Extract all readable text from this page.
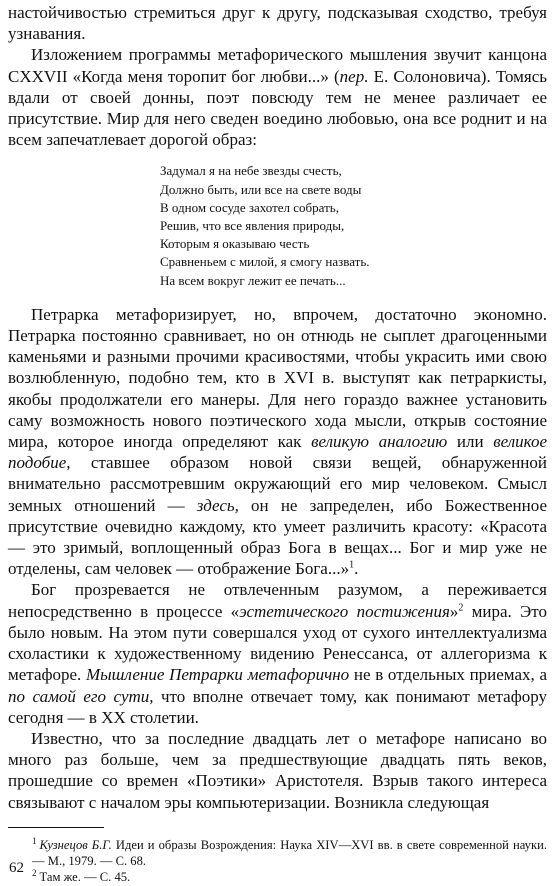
настойчивостью стремиться друг к другу, подсказывая сходство, требуя узнавания.

Изложением программы метафорического мышления звучит канцона CXXVII «Когда меня торопит бог любви...» (пер. Е. Солоновича). Томясь вдали от своей донны, поэт повсюду тем не менее различает ее присутствие. Мир для него сведен воедино любовью, она все роднит и на всем запечатлевает дорогой образ:

Задумал я на небе звезды счесть,
Должно быть, или все на свете воды
В одном сосуде захотел собрать,
Решив, что все явления природы,
Которым я оказываю честь
Сравненьем с милой, я смогу назвать.
На всем вокруг лежит ее печать...

Петрарка метафоризирует, но, впрочем, достаточно экономно. Петрарка постоянно сравнивает, но он отнюдь не сыплет драгоценными каменьями и разными прочими красивостями, чтобы украсить ими свою возлюбленную, подобно тем, кто в XVI в. выступят как петраркисты, якобы продолжатели его манеры. Для него гораздо важнее установить саму возможность нового поэтического хода мысли, открыв состояние мира, которое иногда определяют как великую аналогию или великое подобие, ставшее образом новой связи вещей, обнаруженной внимательно рассмотревшим окружающий его мир человеком. Смысл земных отношений — здесь, он не запределен, ибо Божественное присутствие очевидно каждому, кто умеет различить красоту: «Красота — это зримый, воплощенный образ Бога в вещах... Бог и мир уже не отделены, сам человек — отображение Бога...»$^1$.

Бог прозревается не отвлеченным разумом, а переживается непосредственно в процессе «эстетического постижения»$^2$ мира. Это было новым. На этом пути совершался уход от сухого интеллектуализма схоластики к художественному видению Ренессанса, от аллегоризма к метафоре. Мышление Петрарки метафорично не в отдельных приемах, а по самой его сути, что вполне отвечает тому, как понимают метафору сегодня — в XX столетии.

Известно, что за последние двадцать лет о метафоре написано во много раз больше, чем за предшествующие двадцать пять веков, прошедшие со времен «Поэтики» Аристотеля. Взрыв такого интереса связывают с началом эры компьютеризации. Возникла следующая

$^1$ Кузнецов Б.Г. Идеи и образы Возрождения: Наука XIV—XVI вв. в свете современной науки. — М., 1979. — С. 68.

$^2$ Там же. — С. 45.

62
